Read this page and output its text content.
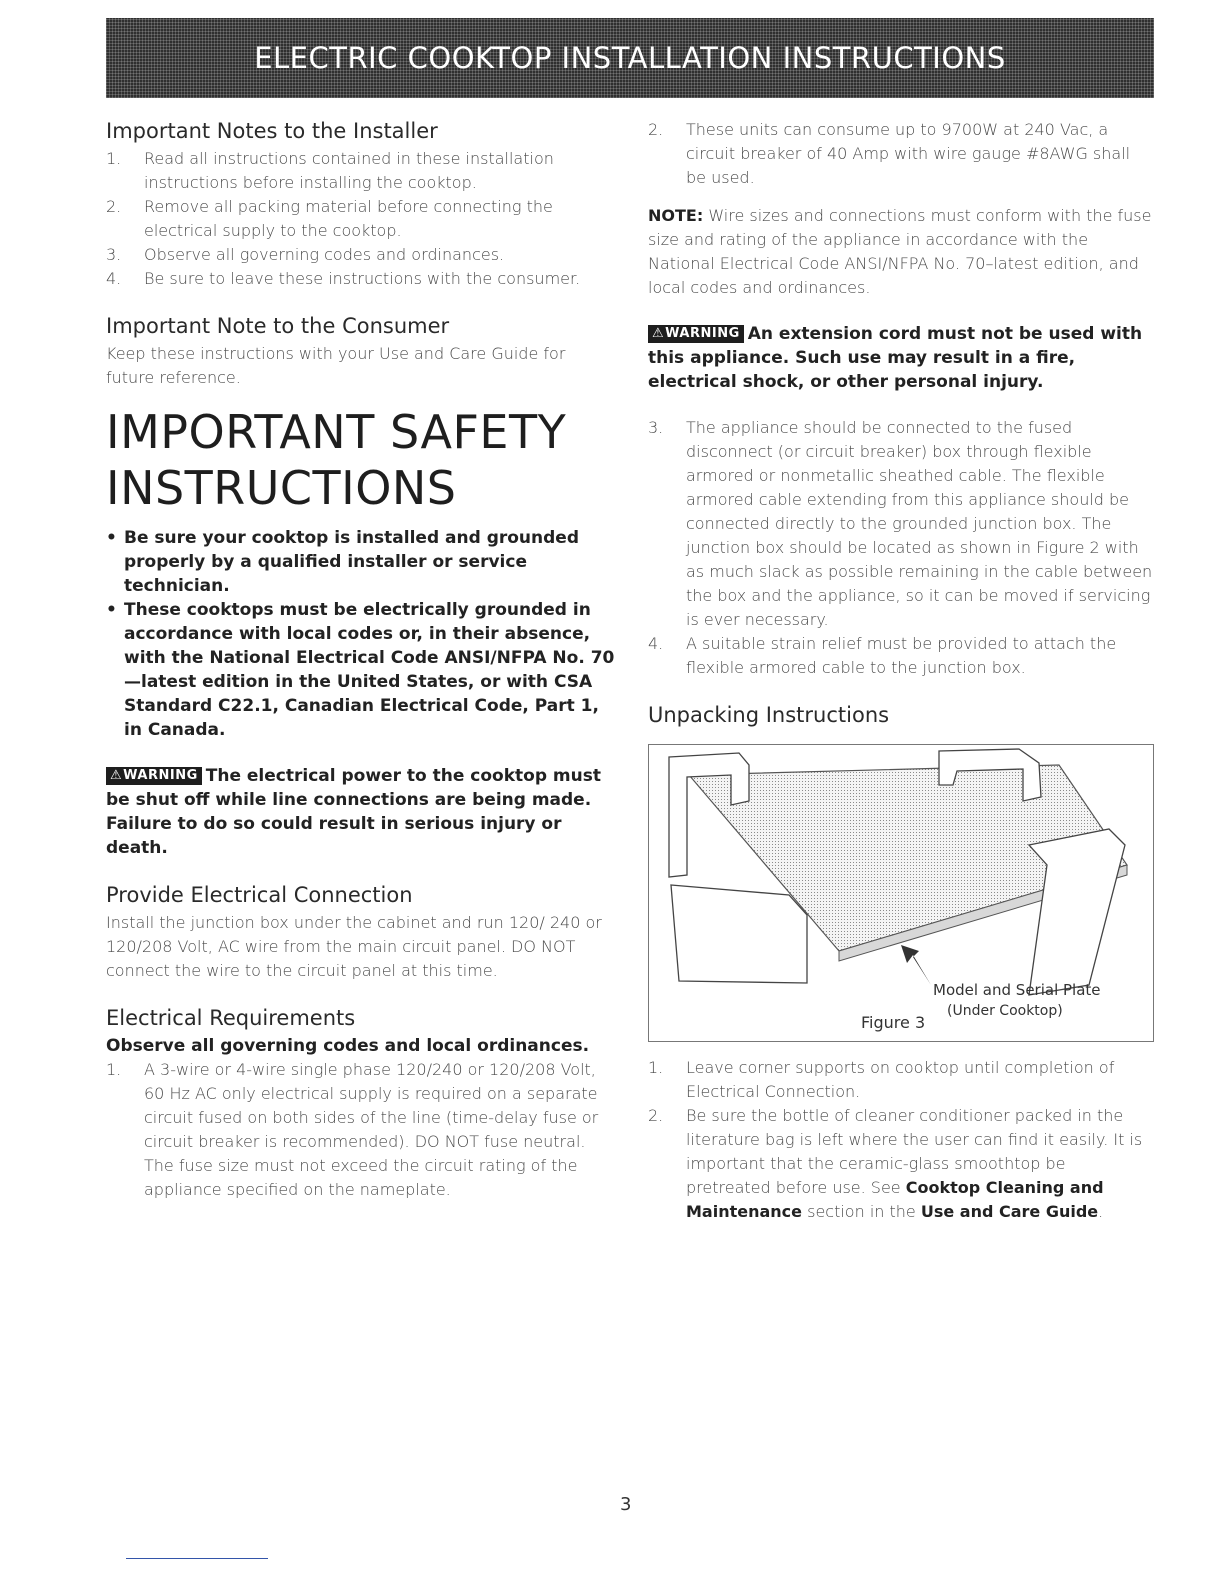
ELECTRIC COOKTOP INSTALLATION INSTRUCTIONS
Important Notes to the Installer
1.	Read all instructions contained in these installation instructions before installing the cooktop.
2.	Remove all packing material before connecting the electrical supply to the cooktop.
3.	Observe all governing codes and ordinances.
4.	Be sure to leave these instructions with the consumer.
Important Note to the Consumer

Keep these instructions with your Use and Care Guide for future reference.

IMPORTANT SAFETY
INSTRUCTIONS
• Be sure your cooktop is installed and grounded properly by a qualified installer or service technician.
• These cooktops must be electrically grounded in accordance with local codes or, in their absence, with the National Electrical Code ANSI/NFPA No. 70—latest edition in the United States, or with CSA Standard C22.1, Canadian Electrical Code, Part 1, in Canada.
⚠WARNING The electrical power to the cooktop must be shut off while line connections are being made. Failure to do so could result in serious injury or death.
Provide Electrical Connection

Install the junction box under the cabinet and run 120/ 240 or 120/208 Volt, AC wire from the main circuit panel. DO NOT connect the wire to the circuit panel at this time.

Electrical Requirements

Observe all governing codes and local ordinances.

1.	A 3-wire or 4-wire single phase 120/240 or 120/208 Volt, 60 Hz AC only electrical supply is required on a separate circuit fused on both sides of the line (time-delay fuse or circuit breaker is recommended). DO NOT fuse neutral. The fuse size must not exceed the circuit rating of the appliance specified on the nameplate.
2.	These units can consume up to 9700W at 240 Vac, a circuit breaker of 40 Amp with wire gauge #8AWG shall be used.

NOTE: Wire sizes and connections must conform with the fuse size and rating of the appliance in accordance with the National Electrical Code ANSI/NFPA No. 70–latest edition, and local codes and ordinances.

⚠WARNING An extension cord must not be used with this appliance. Such use may result in a fire, electrical shock, or other personal injury.
3.	The appliance should be connected to the fused disconnect (or circuit breaker) box through flexible armored or nonmetallic sheathed cable. The flexible armored cable extending from this appliance should be connected directly to the grounded junction box. The junction box should be located as shown in Figure 2 with as much slack as possible remaining in the cable between the box and the appliance, so it can be moved if servicing is ever necessary.
4.	A suitable strain relief must be provided to attach the flexible armored cable to the junction box.
Unpacking Instructions
Model and Serial Plate
(Under Cooktop)
Figure 3
1.	Leave corner supports on cooktop until completion of Electrical Connection.
2.	Be sure the bottle of cleaner conditioner packed in the literature bag is left where the user can find it easily. It is important that the ceramic-glass smoothtop be pretreated before use. See Cooktop Cleaning and Maintenance section in the Use and Care Guide.
3
